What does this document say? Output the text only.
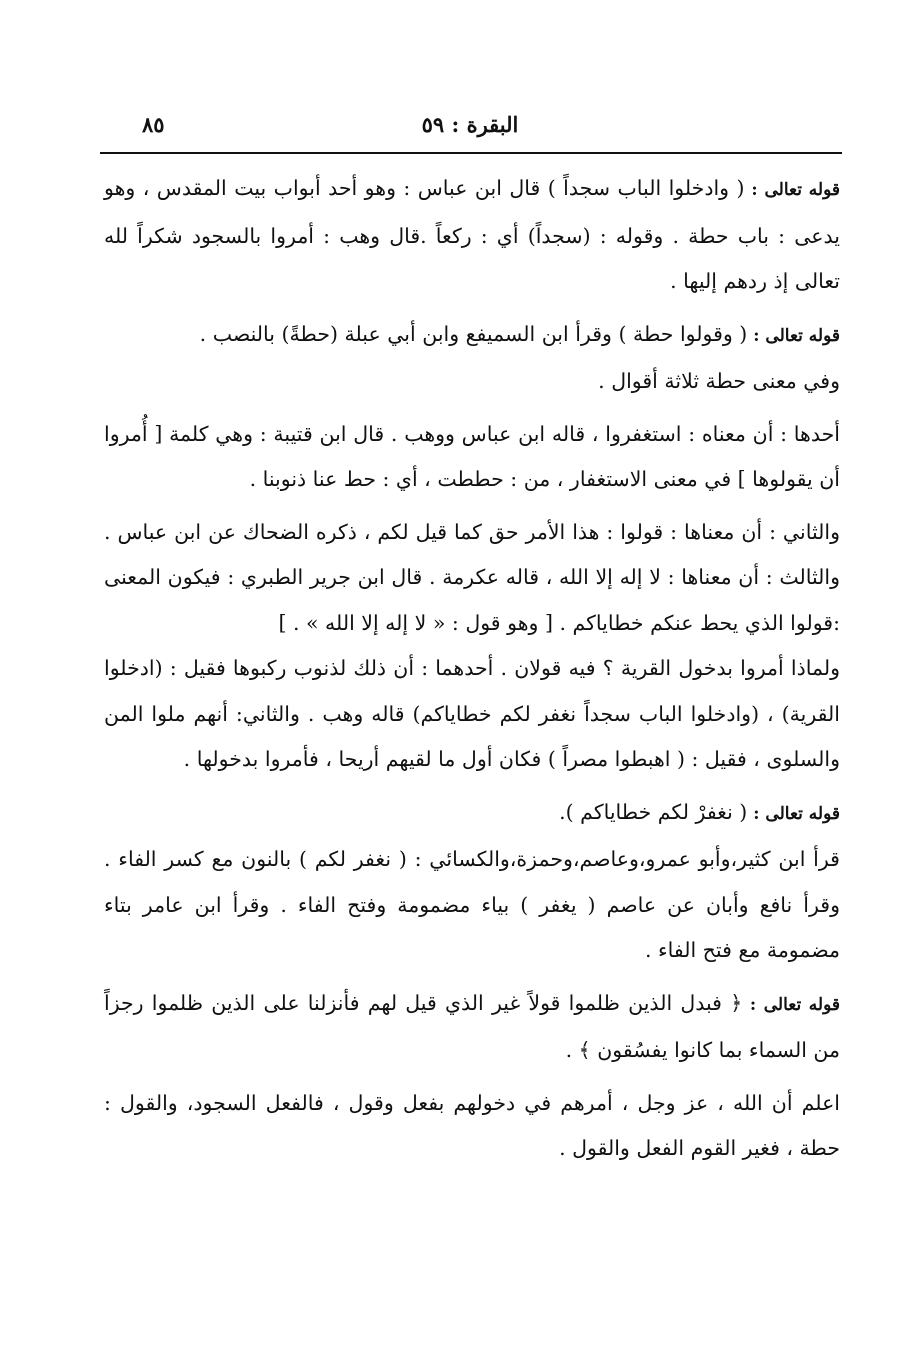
البقرة : ٥٩
٨٥

قوله تعالى : ( وادخلوا الباب سجداً ) قال ابن عباس : وهو أحد أبواب بيت المقدس ، وهو يدعى : باب حطة . وقوله : (سجداً) أي : ركعاً .قال وهب : أمروا بالسجود شكراً لله تعالى إذ ردهم إليها .

قوله تعالى : ( وقولوا حطة ) وقرأ ابن السميفع وابن أبي عبلة (حطةً) بالنصب .

وفي معنى حطة ثلاثة أقوال .

أحدها : أن معناه : استغفروا ، قاله ابن عباس ووهب . قال ابن قتيبة : وهي كلمة [ أُمروا أن يقولوها ] في معنى الاستغفار ، من : حططت ، أي : حط عنا ذنوبنا .

والثاني : أن معناها : قولوا : هذا الأمر حق كما قيل لكم ، ذكره الضحاك عن ابن عباس . والثالث : أن معناها : لا إله إلا الله ، قاله عكرمة . قال ابن جرير الطبري : فيكون المعنى :قولوا الذي يحط عنكم خطاياكم . [ وهو قول : « لا إله إلا الله » . ]

ولماذا أمروا بدخول القرية ؟ فيه قولان . أحدهما : أن ذلك لذنوب ركبوها فقيل : (ادخلوا القرية) ، (وادخلوا الباب سجداً نغفر لكم خطاياكم) قاله وهب . والثاني: أنهم ملوا المن والسلوى ، فقيل : ( اهبطوا مصراً ) فكان أول ما لقيهم أريحا ، فأمروا بدخولها .

قوله تعالى : ( نغفرْ لكم خطاياكم ).

قرأ ابن كثير،وأبو عمرو،وعاصم،وحمزة،والكسائي : ( نغفر لكم ) بالنون مع كسر الفاء . وقرأ نافع وأبان عن عاصم ( يغفر ) بياء مضمومة وفتح الفاء . وقرأ ابن عامر بتاء مضمومة مع فتح الفاء .

قوله تعالى : ﴿ فبدل الذين ظلموا قولاً غير الذي قيل لهم فأنزلنا على الذين ظلموا رجزاً من السماء بما كانوا يفسُقون ﴾ .

اعلم أن الله ، عز وجل ، أمرهم في دخولهم بفعل وقول ، فالفعل السجود، والقول : حطة ، فغير القوم الفعل والقول .
